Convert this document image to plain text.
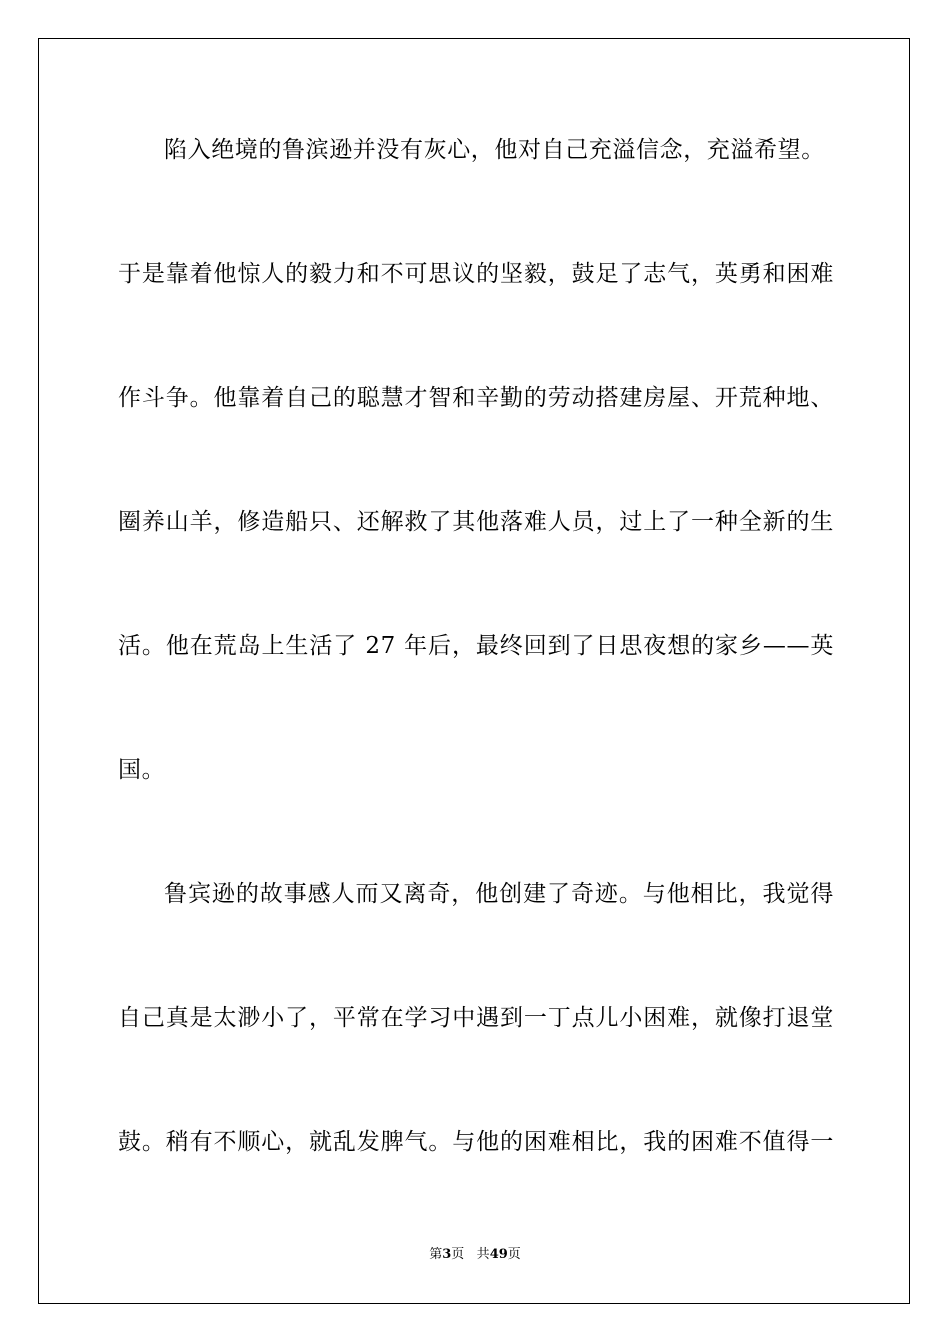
陷入绝境的鲁滨逊并没有灰心，他对自己充溢信念，充溢希望。
于是靠着他惊人的毅力和不可思议的坚毅，鼓足了志气，英勇和困难
作斗争。他靠着自己的聪慧才智和辛勤的劳动搭建房屋、开荒种地、
圈养山羊，修造船只、还解救了其他落难人员，过上了一种全新的生
活。他在荒岛上生活了 27 年后，最终回到了日思夜想的家乡——英
国。
鲁宾逊的故事感人而又离奇，他创建了奇迹。与他相比，我觉得
自己真是太渺小了，平常在学习中遇到一丁点儿小困难，就像打退堂
鼓。稍有不顺心，就乱发脾气。与他的困难相比，我的困难不值得一
第3页 共49页
